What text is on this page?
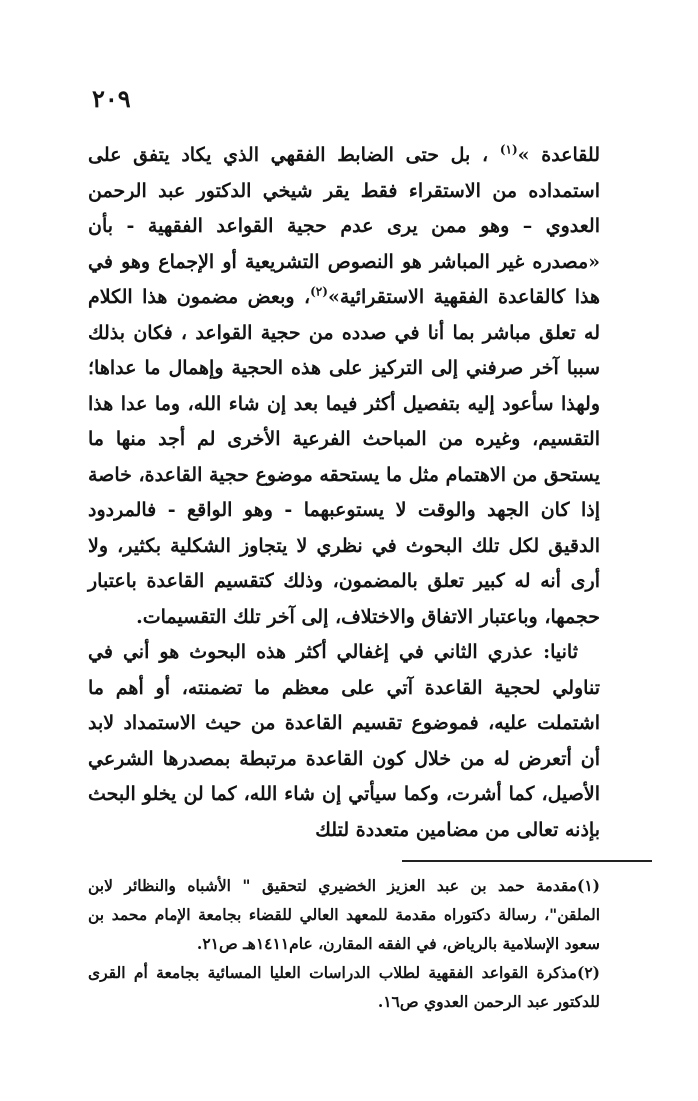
٢٠٩

للقاعدة »$^{(١)}$ ، بل حتى الضابط الفقهي الذي يكاد يتفق على استمداده من الاستقراء فقط يقر شيخي الدكتور عبد الرحمن العدوي – وهو ممن يرى عدم حجية القواعد الفقهية - بأن «مصدره غير المباشر هو النصوص التشريعية أو الإجماع وهو في هذا كالقاعدة الفقهية الاستقرائية»$^{(٢)}$، وبعض مضمون هذا الكلام له تعلق مباشر بما أنا في صدده من حجية القواعد ، فكان بذلك سببا آخر صرفني إلى التركيز على هذه الحجية وإهمال ما عداها؛ ولهذا سأعود إليه بتفصيل أكثر فيما بعد إن شاء الله، وما عدا هذا التقسيم، وغيره من المباحث الفرعية الأخرى لم أجد منها ما يستحق من الاهتمام مثل ما يستحقه موضوع حجية القاعدة، خاصة إذا كان الجهد والوقت لا يستوعبهما - وهو الواقع - فالمردود الدقيق لكل تلك البحوث في نظري لا يتجاوز الشكلية بكثير، ولا أرى أنه له كبير تعلق بالمضمون، وذلك كتقسيم القاعدة باعتبار حجمها، وباعتبار الاتفاق والاختلاف، إلى آخر تلك التقسيمات.

ثانيا: عذري الثاني في إغفالي أكثر هذه البحوث هو أني في تناولي لحجية القاعدة آتي على معظم ما تضمنته، أو أهم ما اشتملت عليه، فموضوع تقسيم القاعدة من حيث الاستمداد لابد أن أتعرض له من خلال كون القاعدة مرتبطة بمصدرها الشرعي الأصيل، كما أشرت، وكما سيأتي إن شاء الله، كما لن يخلو البحث بإذنه تعالى من مضامين متعددة لتلك

(١)مقدمة حمد بن عبد العزيز الخضيري لتحقيق " الأشباه والنظائر لابن الملقن"، رسالة دكتوراه مقدمة للمعهد العالي للقضاء بجامعة الإمام محمد بن سعود الإسلامية بالرياض، في الفقه المقارن، عام١٤١١هـ ص٢١.

(٢)مذكرة القواعد الفقهية لطلاب الدراسات العليا المسائية بجامعة أم القرى للدكتور عبد الرحمن العدوي ص١٦.
